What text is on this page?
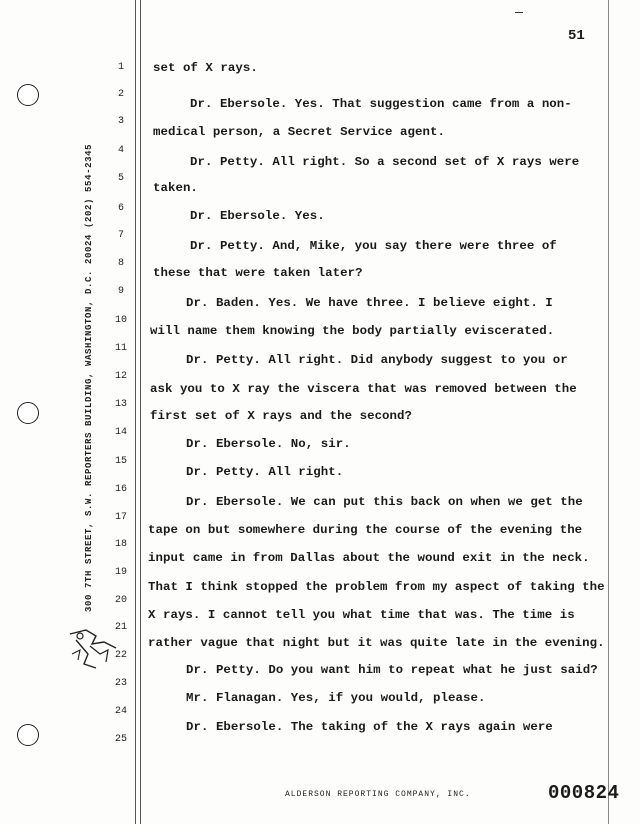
51
300 7TH STREET, S.W. REPORTERS BUILDING, WASHINGTON, D.C. 20024 (202) 554-2345
1
2
3
4
5
6
7
8
9
10
11
12
13
14
15
16
17
18
19
20
21
22
23
24
25
set of X rays.
Dr. Ebersole. Yes. That suggestion came from a non-
medical person, a Secret Service agent.
Dr. Petty. All right. So a second set of X rays were
taken.
Dr. Ebersole. Yes.
Dr. Petty. And, Mike, you say there were three of
these that were taken later?
Dr. Baden. Yes. We have three. I believe eight. I
will name them knowing the body partially eviscerated.
Dr. Petty. All right. Did anybody suggest to you or
ask you to X ray the viscera that was removed between the
first set of X rays and the second?
Dr. Ebersole. No, sir.
Dr. Petty. All right.
Dr. Ebersole. We can put this back on when we get the
tape on but somewhere during the course of the evening the
input came in from Dallas about the wound exit in the neck.
That I think stopped the problem from my aspect of taking the
X rays. I cannot tell you what time that was. The time is
rather vague that night but it was quite late in the evening.
Dr. Petty. Do you want him to repeat what he just said?
Mr. Flanagan. Yes, if you would, please.
Dr. Ebersole. The taking of the X rays again were
ALDERSON REPORTING COMPANY, INC.	000824
